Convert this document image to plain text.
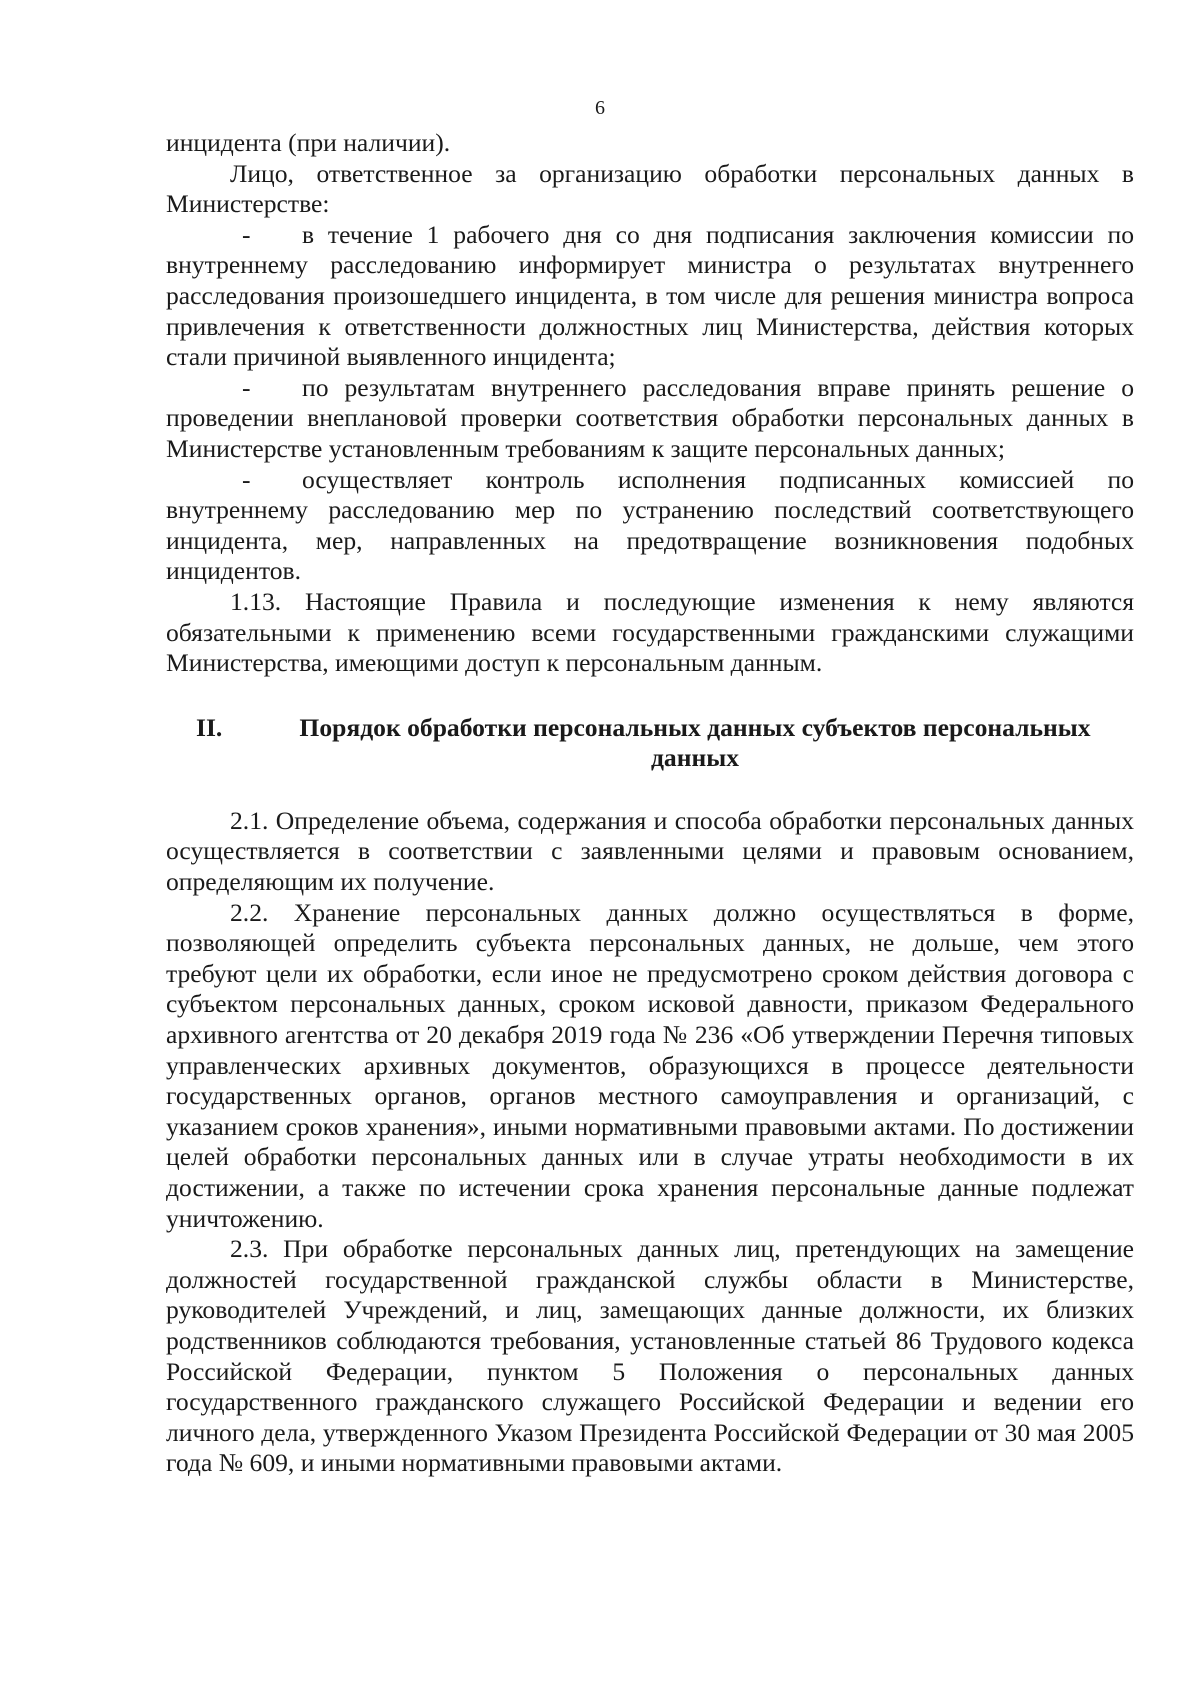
6

инцидента (при наличии).

Лицо, ответственное за организацию обработки персональных данных в Министерстве:

- в течение 1 рабочего дня со дня подписания заключения комиссии по внутреннему расследованию информирует министра о результатах внутреннего расследования произошедшего инцидента, в том числе для решения министра вопроса привлечения к ответственности должностных лиц Министерства, действия которых стали причиной выявленного инцидента;

- по результатам внутреннего расследования вправе принять решение о проведении внеплановой проверки соответствия обработки персональных данных в Министерстве установленным требованиям к защите персональных данных;

- осуществляет контроль исполнения подписанных комиссией по внутреннему расследованию мер по устранению последствий соответствующего инцидента, мер, направленных на предотвращение возникновения подобных инцидентов.

1.13. Настоящие Правила и последующие изменения к нему являются обязательными к применению всеми государственными гражданскими служащими Министерства, имеющими доступ к персональным данным.

II.	Порядок обработки персональных данных субъектов персональных данных

2.1. Определение объема, содержания и способа обработки персональных данных осуществляется в соответствии с заявленными целями и правовым основанием, определяющим их получение.

2.2. Хранение персональных данных должно осуществляться в форме, позволяющей определить субъекта персональных данных, не дольше, чем этого требуют цели их обработки, если иное не предусмотрено сроком действия договора с субъектом персональных данных, сроком исковой давности, приказом Федерального архивного агентства от 20 декабря 2019 года № 236 «Об утверждении Перечня типовых управленческих архивных документов, образующихся в процессе деятельности государственных органов, органов местного самоуправления и организаций, с указанием сроков хранения», иными нормативными правовыми актами. По достижении целей обработки персональных данных или в случае утраты необходимости в их достижении, а также по истечении срока хранения персональные данные подлежат уничтожению.

2.3. При обработке персональных данных лиц, претендующих на замещение должностей государственной гражданской службы области в Министерстве, руководителей Учреждений, и лиц, замещающих данные должности, их близких родственников соблюдаются требования, установленные статьей 86 Трудового кодекса Российской Федерации, пунктом 5 Положения о персональных данных государственного гражданского служащего Российской Федерации и ведении его личного дела, утвержденного Указом Президента Российской Федерации от 30 мая 2005 года № 609, и иными нормативными правовыми актами.
